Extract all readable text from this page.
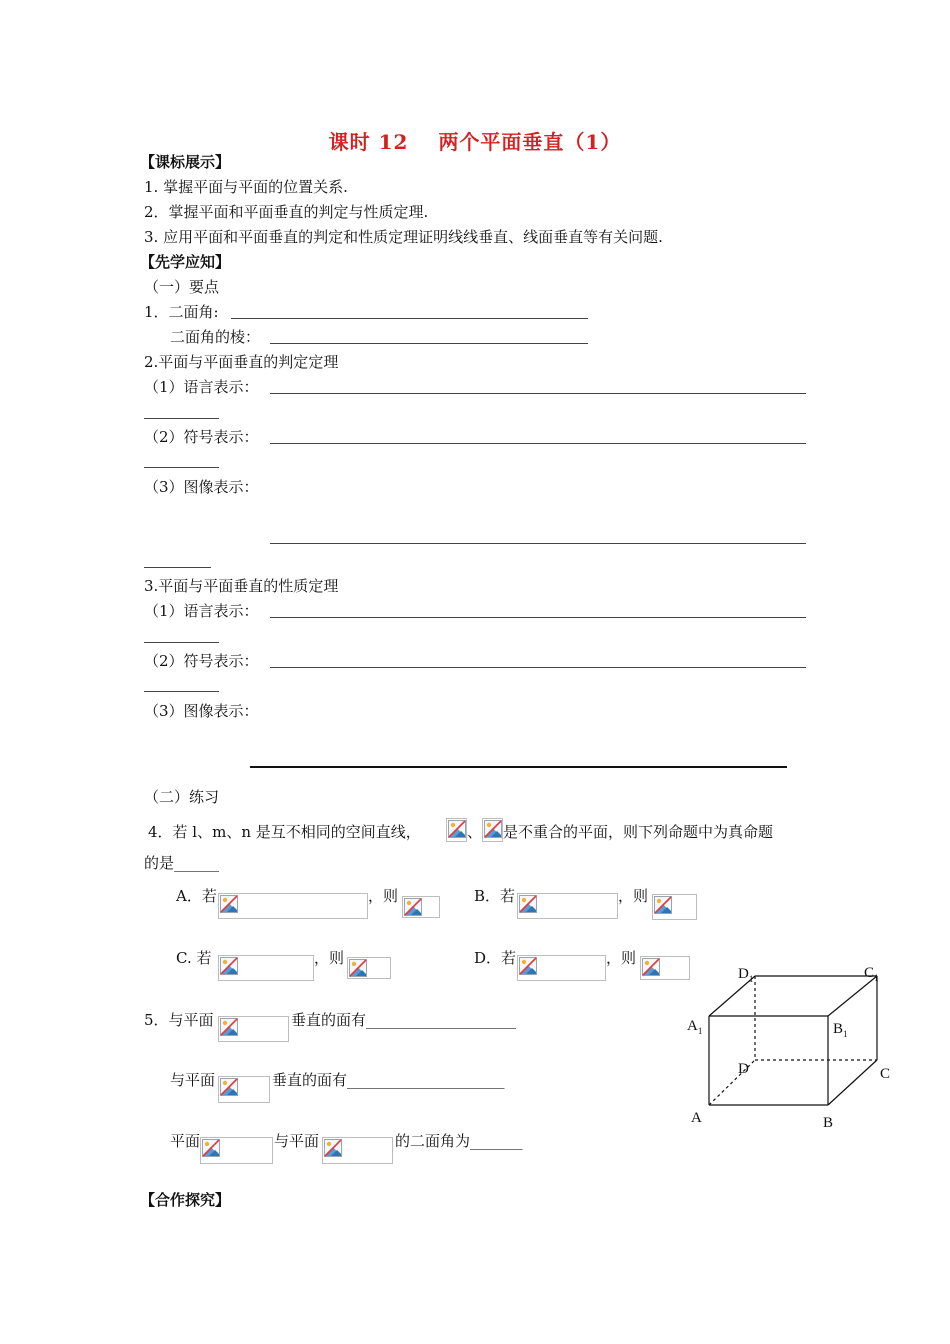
课时 12 两个平面垂直（1）
【课标展示】
1. 掌握平面与平面的位置关系.
2．掌握平面和平面垂直的判定与性质定理.
3. 应用平面和平面垂直的判定和性质定理证明线线垂直、线面垂直等有关问题.
【先学应知】
（一）要点
1．二面角:
二面角的棱：
2.平面与平面垂直的判定定理
（1）语言表示：
（2）符号表示：
（3）图像表示：
3.平面与平面垂直的性质定理
（1）语言表示：
（2）符号表示：
（3）图像表示：
（二）练习
4．若 l、m、n 是互不相同的空间直线，	、 是不重合的平面，则下列命题中为真命题
的是______
A．若	，则	B．若	，则
C. 若	，则	D．若	，则
5．与平面	垂直的面有____________________
与平面	垂直的面有_____________________
平面	与平面	的二面角为_______
【合作探究】
$D_1$	$C_1$
$A_1$	$B_1$
D	C
A	B
